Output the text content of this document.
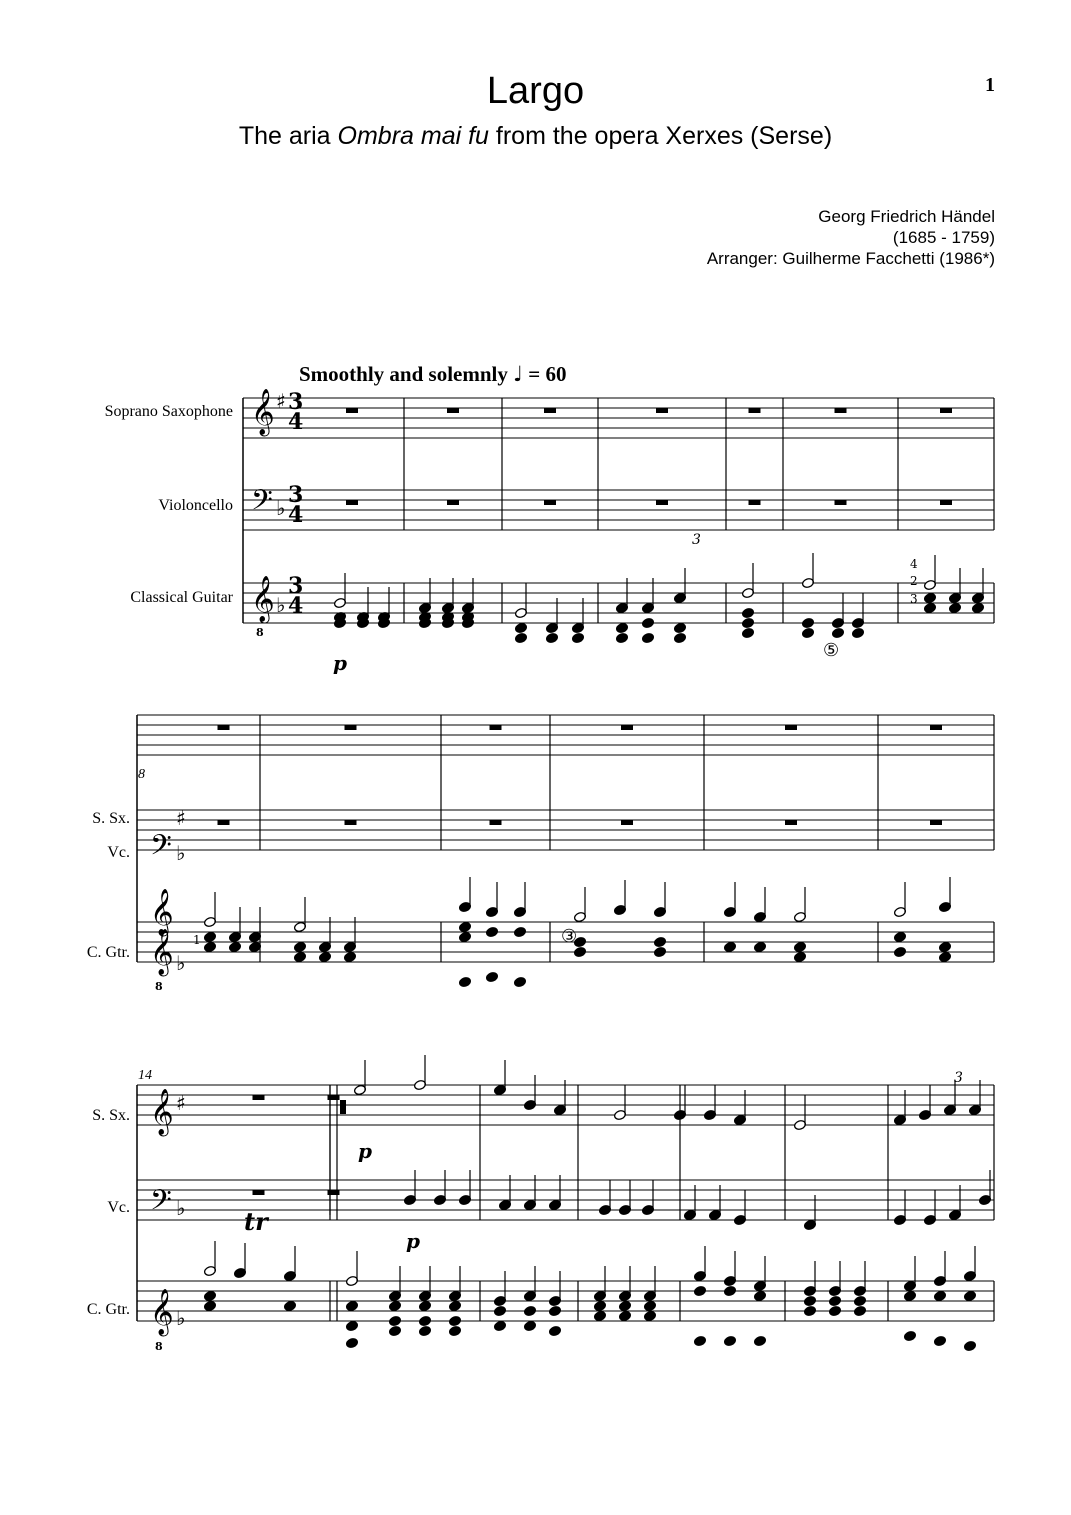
Largo
The aria Ombra mai fu from the opera Xerxes (Serse)
1
Georg Friedrich Händel
(1685 - 1759)
Arranger: Guilherme Facchetti (1986*)
Smoothly and solemnly ♩ = 60
Soprano Saxophone
Violoncello
Classical Guitar
S. Sx.
Vc.
C. Gtr.
S. Sx.
Vc.
C. Gtr.
8
14
𝄞
𝄢
𝄞
♯
♭
♭
3
4
3
4
3
4
8
𝄞
𝄢
𝄞
♯
♭
♭
8
𝄞
𝄢
𝄞
♯
♭
♭
8
p
p
p
3
3
⑤
③
tr
4
2
3
1
